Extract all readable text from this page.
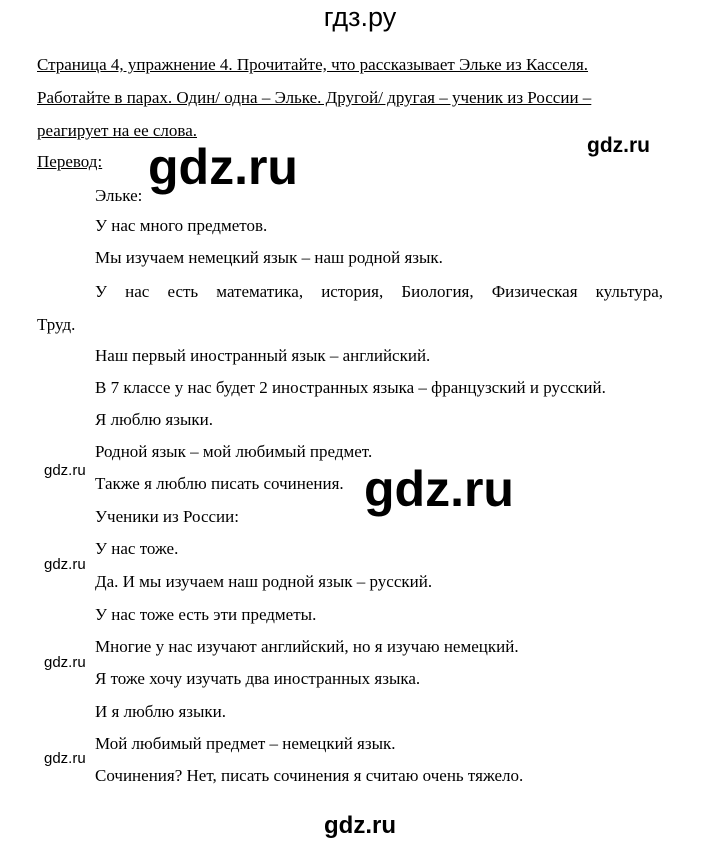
гдз.ру
Страница 4, упражнение 4. Прочитайте, что рассказывает Эльке из Касселя.
Работайте в парах. Один/ одна – Эльке. Другой/ другая – ученик из России –
реагирует на ее слова.
Перевод:
Эльке:
У нас много предметов.
Мы изучаем немецкий язык – наш родной язык.
У нас есть математика, история, Биология, Физическая культура,
Труд.
Наш первый иностранный язык – английский.
В 7 классе у нас будет 2 иностранных языка – французский и русский.
Я люблю языки.
Родной язык – мой любимый предмет.
Также я люблю писать сочинения.
Ученики из России:
У нас тоже.
Да. И мы изучаем наш родной язык – русский.
У нас тоже есть эти предметы.
Многие у нас изучают английский, но я изучаю немецкий.
Я тоже хочу изучать два иностранных языка.
И я люблю языки.
Мой любимый предмет – немецкий язык.
Сочинения? Нет, писать сочинения я считаю очень тяжело.
gdz.ru
gdz.ru
gdz.ru
gdz.ru
gdz.ru
gdz.ru
gdz.ru
gdz.ru
